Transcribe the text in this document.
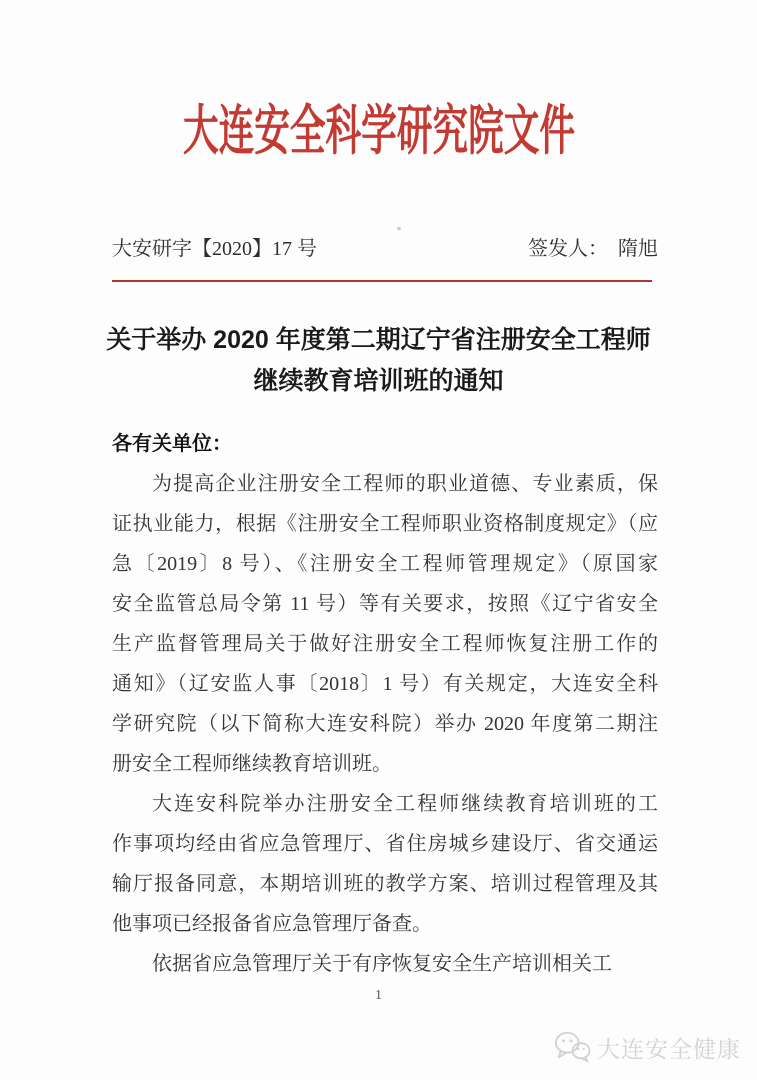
大连安全科学研究院文件
大安研字【2020】17 号	签发人： 隋旭
关于举办 2020 年度第二期辽宁省注册安全工程师
继续教育培训班的通知
各有关单位：
为提高企业注册安全工程师的职业道德、专业素质，保
证执业能力，根据《注册安全工程师职业资格制度规定》（应
急〔2019〕8 号）、《注册安全工程师管理规定》（原国家
安全监管总局令第 11 号）等有关要求，按照《辽宁省安全
生产监督管理局关于做好注册安全工程师恢复注册工作的
通知》（辽安监人事〔2018〕1 号）有关规定，大连安全科
学研究院（以下简称大连安科院）举办 2020 年度第二期注
册安全工程师继续教育培训班。
大连安科院举办注册安全工程师继续教育培训班的工
作事项均经由省应急管理厅、省住房城乡建设厅、省交通运
输厅报备同意，本期培训班的教学方案、培训过程管理及其
他事项已经报备省应急管理厅备查。
依据省应急管理厅关于有序恢复安全生产培训相关工
1
大连安全健康
